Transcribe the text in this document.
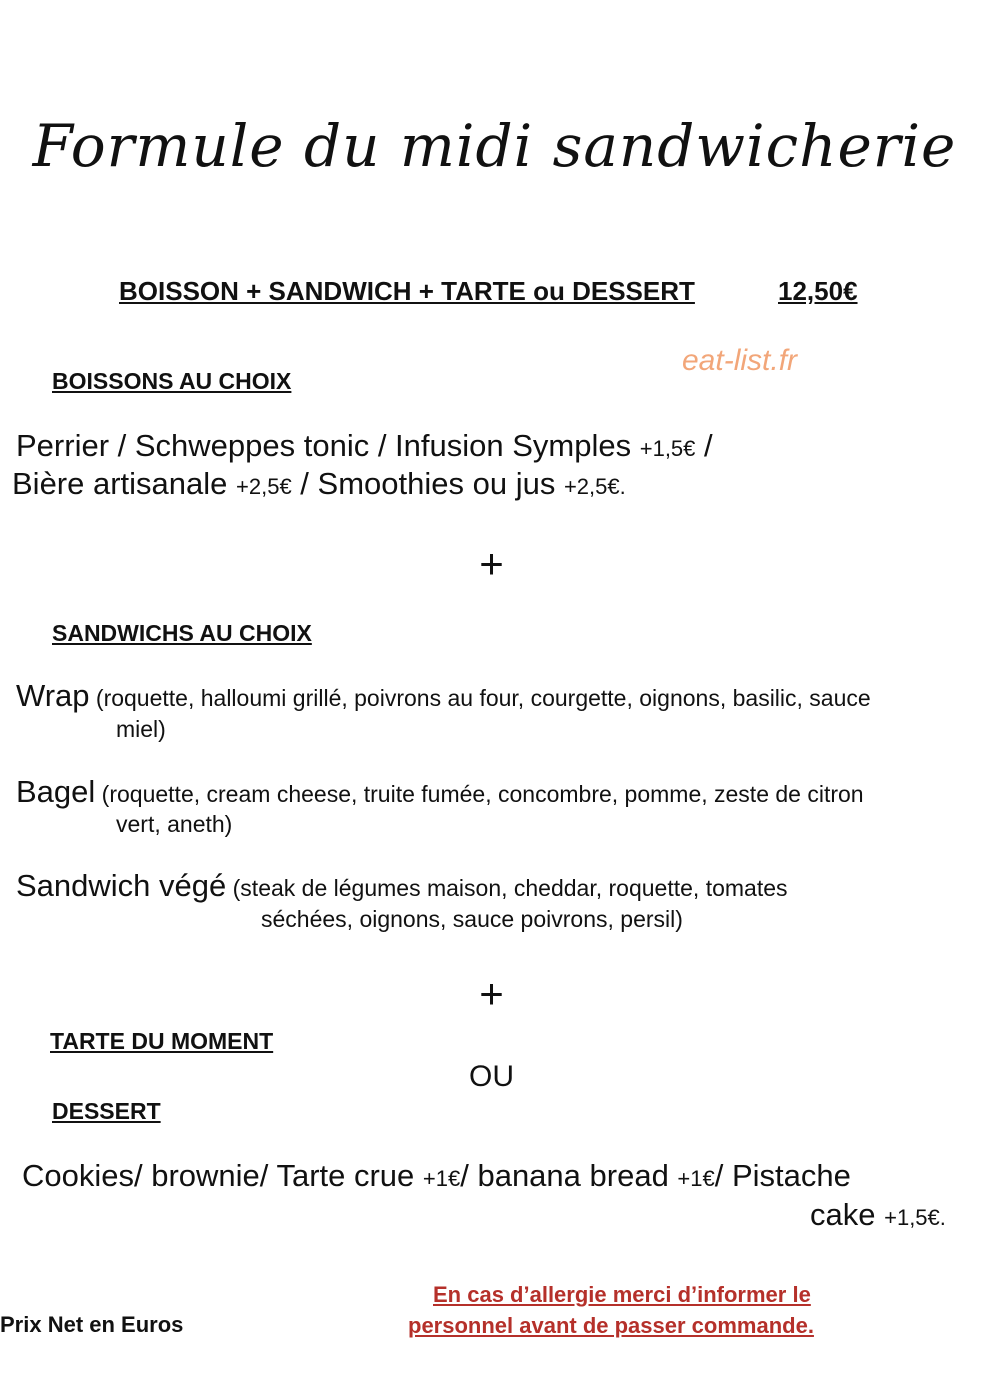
Formule du midi sandwicherie
BOISSON + SANDWICH + TARTE ou DESSERT	12,50€
eat-list.fr
BOISSONS AU CHOIX
Perrier / Schweppes tonic / Infusion Symples +1,5€ /
Bière artisanale +2,5€ / Smoothies ou jus +2,5€.
+
SANDWICHS AU CHOIX
Wrap (roquette, halloumi grillé, poivrons au four, courgette, oignons, basilic, sauce
miel)
Bagel (roquette, cream cheese, truite fumée, concombre, pomme, zeste de citron
vert, aneth)
Sandwich végé (steak de légumes maison, cheddar, roquette, tomates
séchées, oignons, sauce poivrons, persil)
+
TARTE DU MOMENT
OU
DESSERT
Cookies/ brownie/ Tarte crue +1€/ banana bread +1€/ Pistache
cake +1,5€.
Prix Net en Euros
En cas d’allergie merci d’informer le
personnel avant de passer commande.
